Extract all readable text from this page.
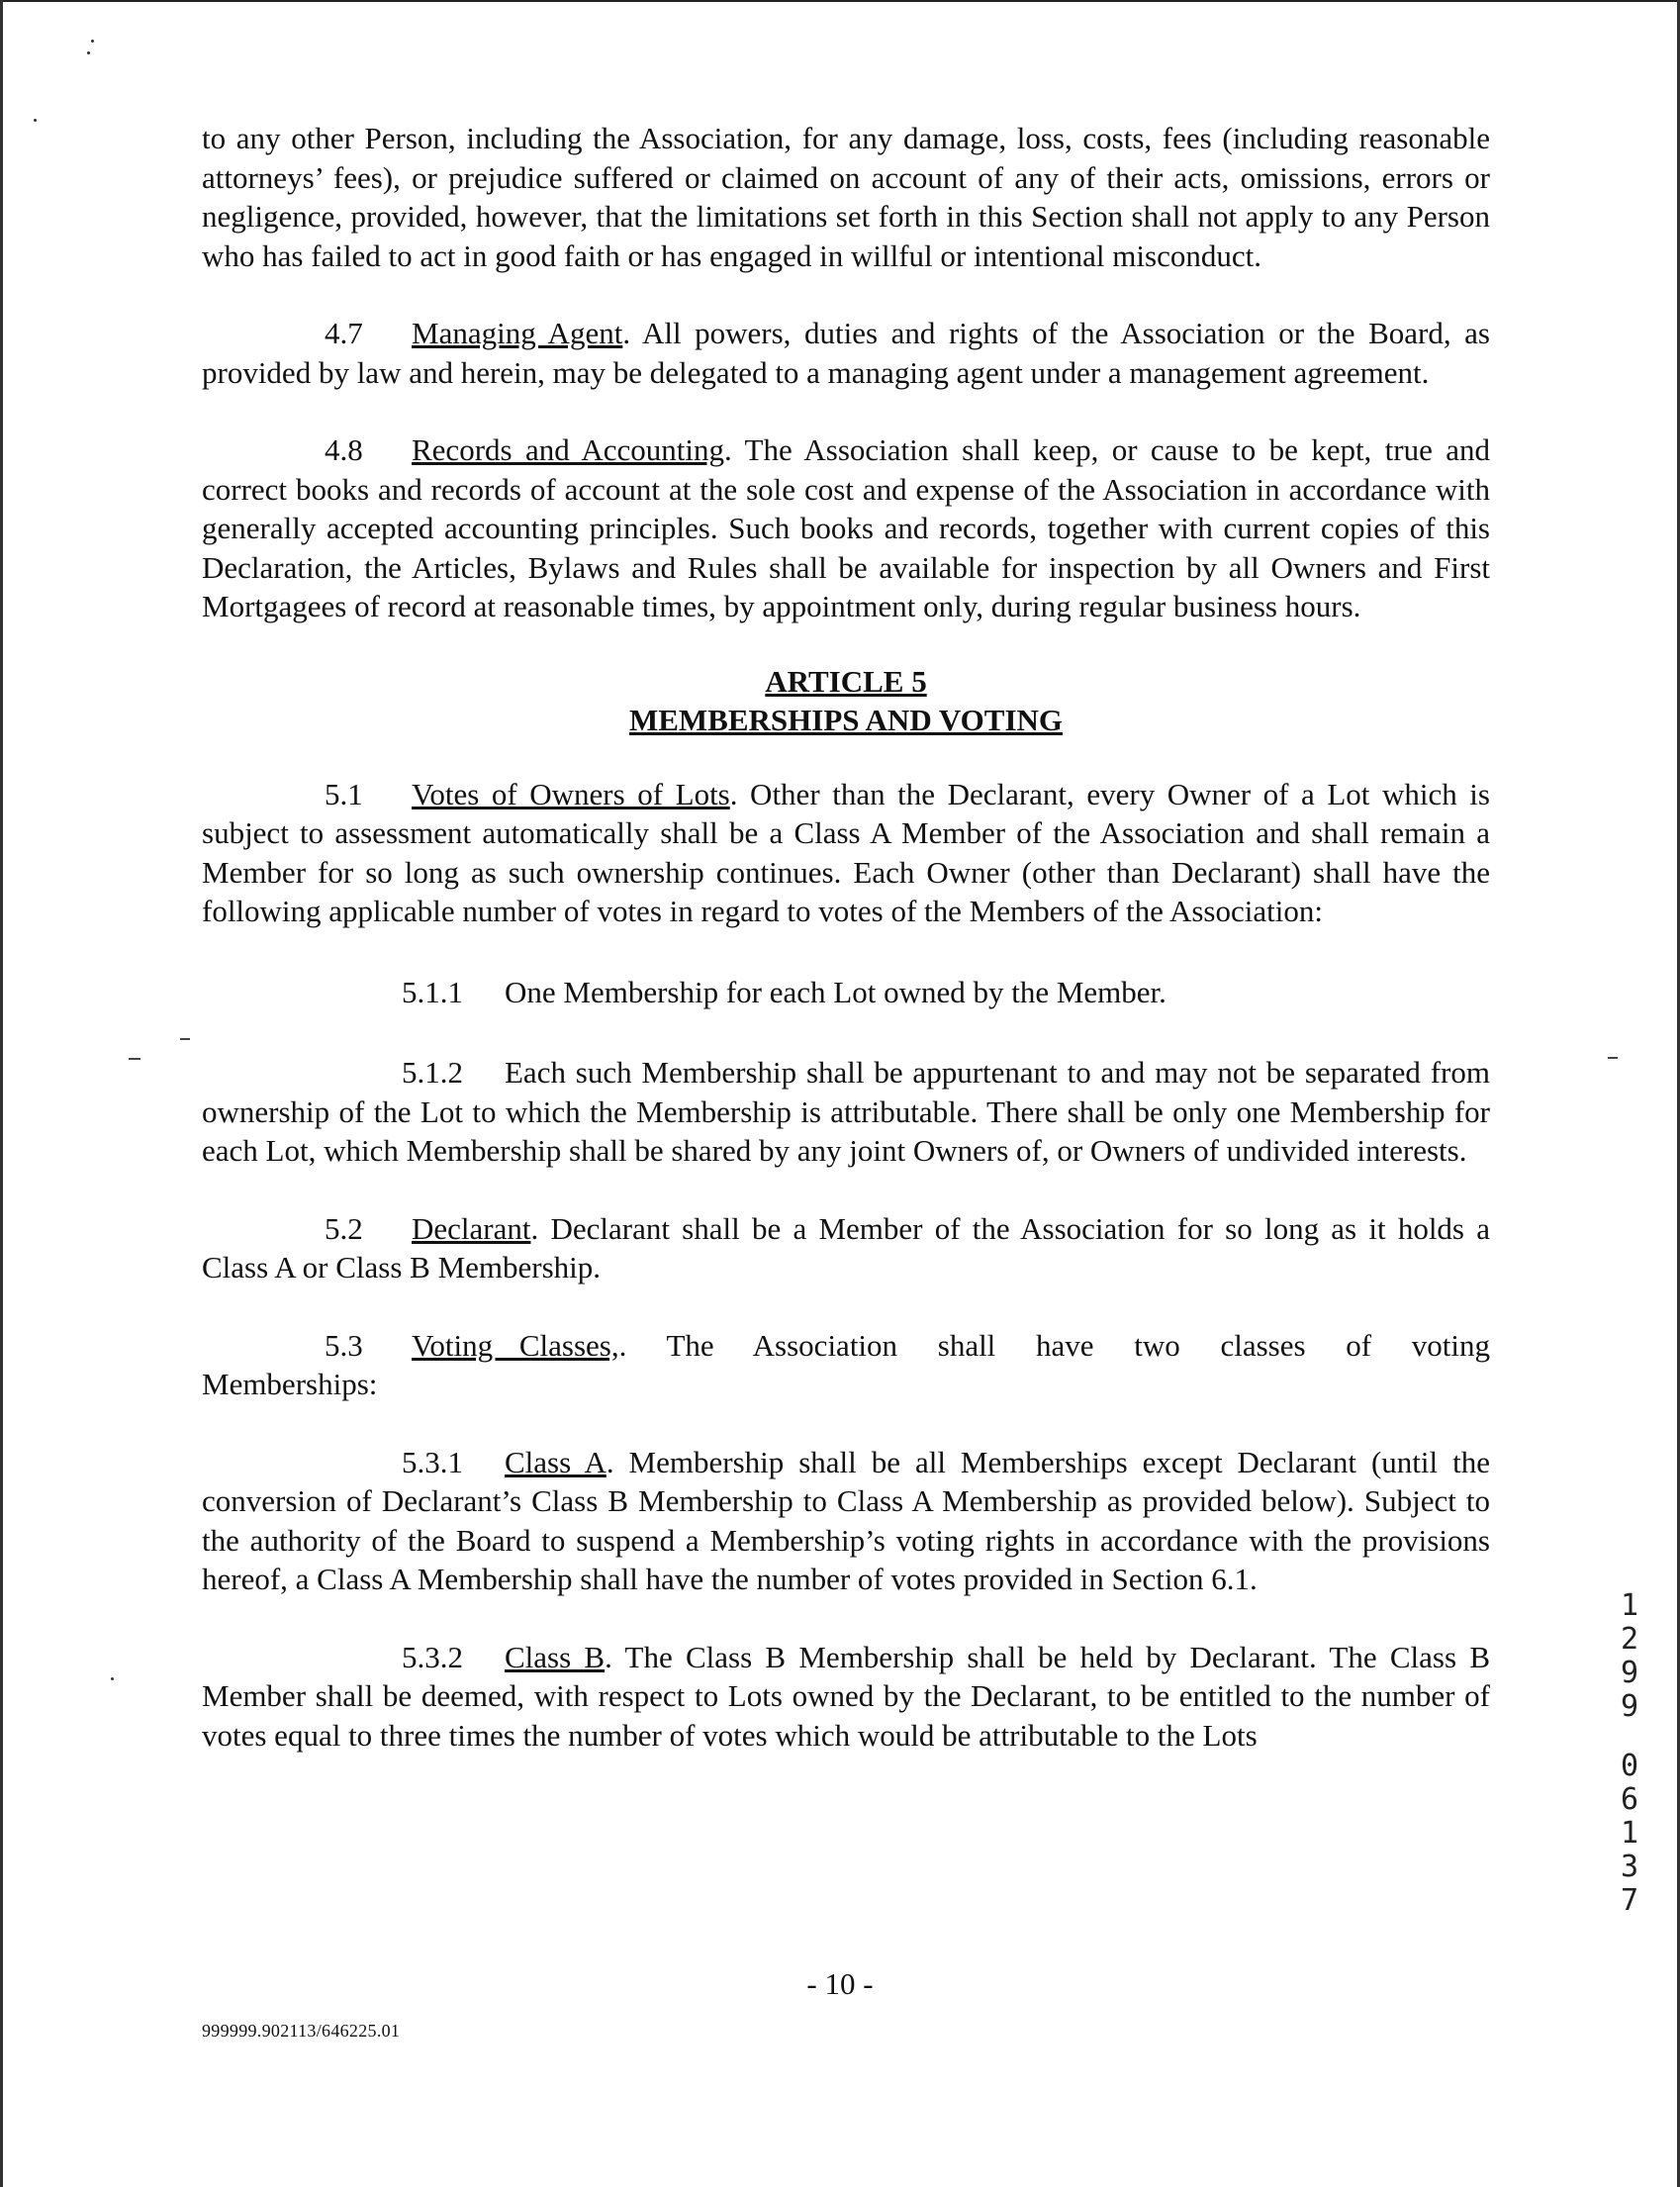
to any other Person, including the Association, for any damage, loss, costs, fees (including reasonable attorneys’ fees), or prejudice suffered or claimed on account of any of their acts, omissions, errors or negligence, provided, however, that the limitations set forth in this Section shall not apply to any Person who has failed to act in good faith or has engaged in willful or intentional misconduct.

4.7 Managing Agent. All powers, duties and rights of the Association or the Board, as provided by law and herein, may be delegated to a managing agent under a management agreement.

4.8 Records and Accounting. The Association shall keep, or cause to be kept, true and correct books and records of account at the sole cost and expense of the Association in accordance with generally accepted accounting principles. Such books and records, together with current copies of this Declaration, the Articles, Bylaws and Rules shall be available for inspection by all Owners and First Mortgagees of record at reasonable times, by appointment only, during regular business hours.

ARTICLE 5

MEMBERSHIPS AND VOTING

5.1 Votes of Owners of Lots. Other than the Declarant, every Owner of a Lot which is subject to assessment automatically shall be a Class A Member of the Association and shall remain a Member for so long as such ownership continues. Each Owner (other than Declarant) shall have the following applicable number of votes in regard to votes of the Members of the Association:

5.1.1 One Membership for each Lot owned by the Member.

5.1.2 Each such Membership shall be appurtenant to and may not be separated from ownership of the Lot to which the Membership is attributable. There shall be only one Membership for each Lot, which Membership shall be shared by any joint Owners of, or Owners of undivided interests.

5.2 Declarant. Declarant shall be a Member of the Association for so long as it holds a Class A or Class B Membership.

5.3 Voting Classes,. The Association shall have two classes of voting Memberships:

5.3.1 Class A. Membership shall be all Memberships except Declarant (until the conversion of Declarant’s Class B Membership to Class A Membership as provided below). Subject to the authority of the Board to suspend a Membership’s voting rights in accordance with the provisions hereof, a Class A Membership shall have the number of votes provided in Section 6.1.

5.3.2 Class B. The Class B Membership shall be held by Declarant. The Class B Member shall be deemed, with respect to Lots owned by the Declarant, to be entitled to the number of votes equal to three times the number of votes which would be attributable to the Lots

1
2
9
9
0
6
1
3
7
- 10 -
999999.902113/646225.01
